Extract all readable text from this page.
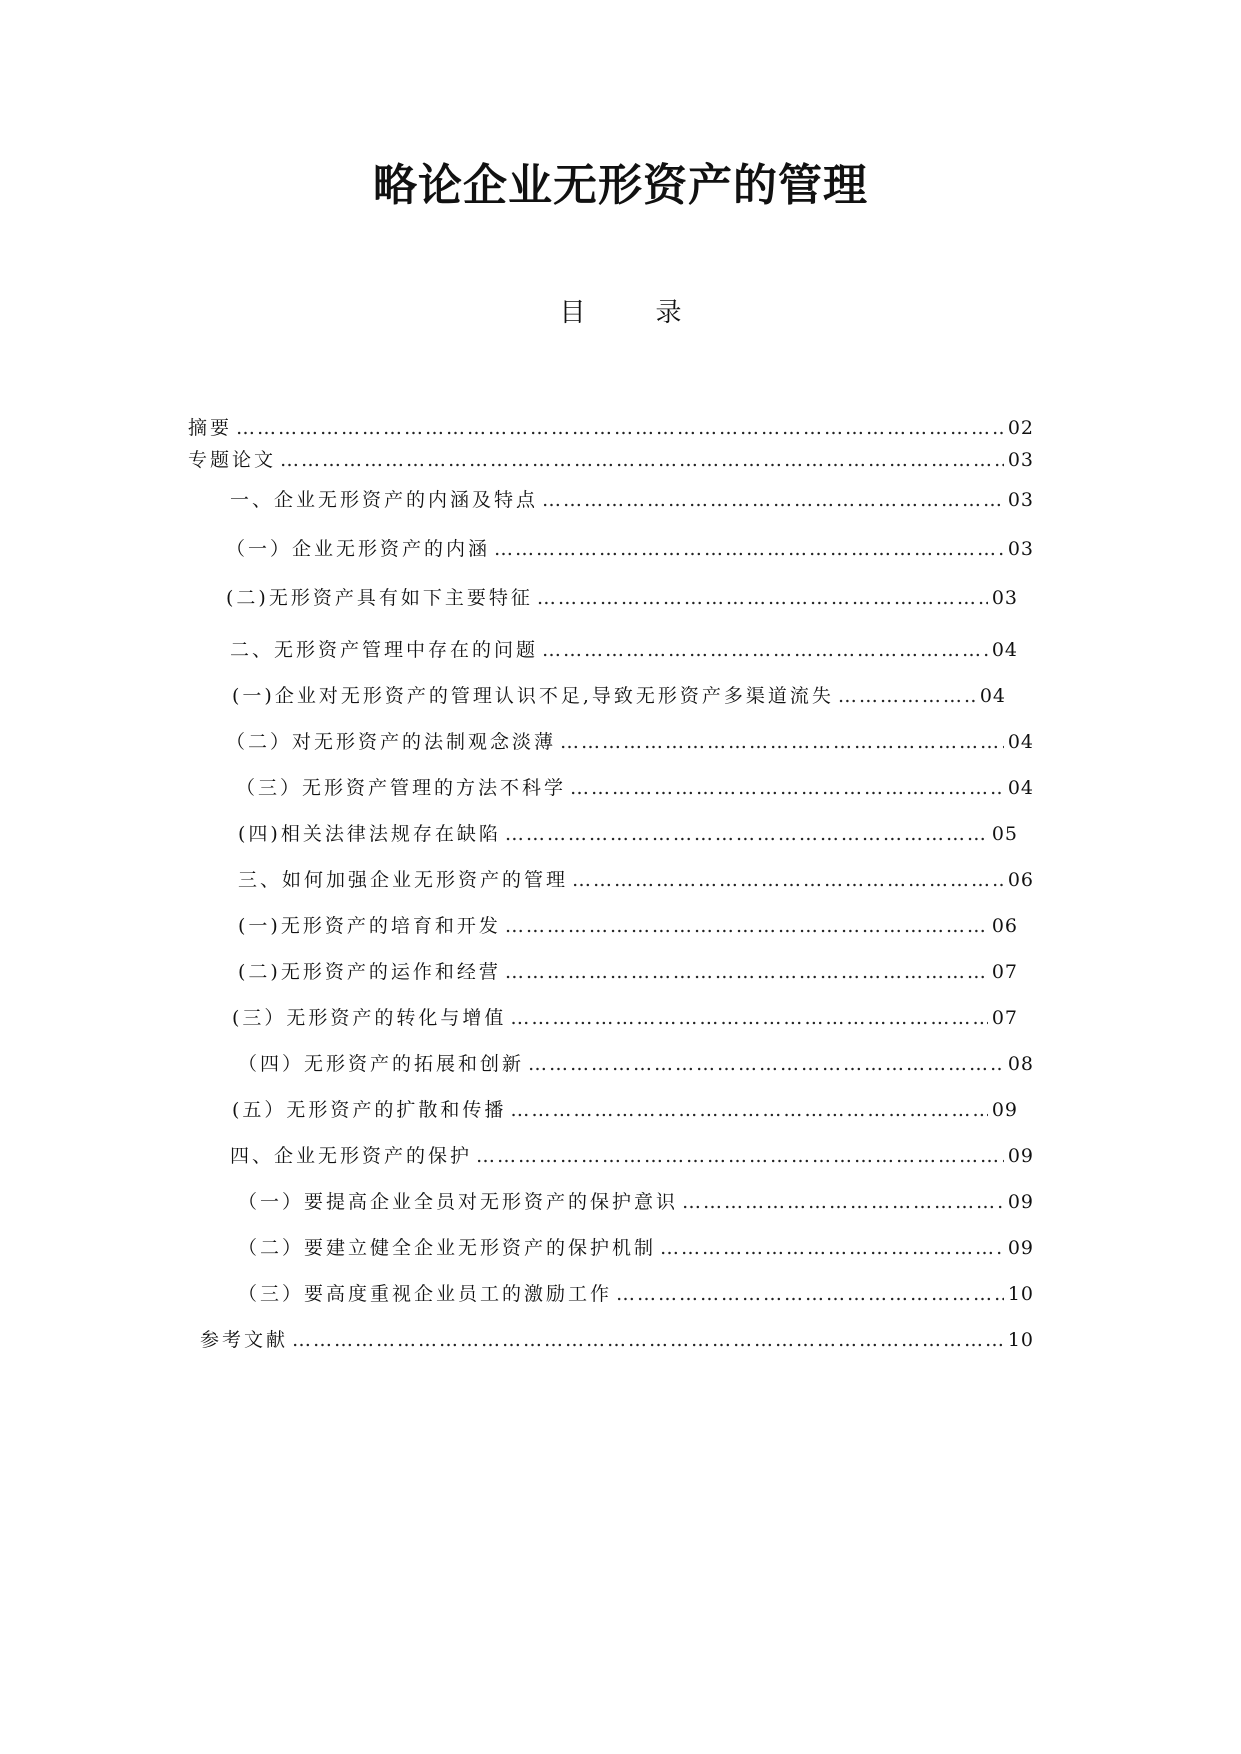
略论企业无形资产的管理
目录
摘要 ………………………………………………………………………………………………………………………………………………………………………………	02
专题论文 ………………………………………………………………………………………………………………………………………………………………………………	03
一、企业无形资产的内涵及特点 ………………………………………………………………………………………………………………………………………………………………………………	03
（一）企业无形资产的内涵 ………………………………………………………………………………………………………………………………………………………………………………	03
(二)无形资产具有如下主要特征 ………………………………………………………………………………………………………………………………………………………………………………	03
二、无形资产管理中存在的问题 ………………………………………………………………………………………………………………………………………………………………………………	04
(一)企业对无形资产的管理认识不足,导致无形资产多渠道流失 ………………………………………………………………………………………………………………………………………………………………………………	04
（二）对无形资产的法制观念淡薄 ………………………………………………………………………………………………………………………………………………………………………………	04
（三）无形资产管理的方法不科学 ………………………………………………………………………………………………………………………………………………………………………………	04
(四)相关法律法规存在缺陷 ………………………………………………………………………………………………………………………………………………………………………………	05
三、如何加强企业无形资产的管理 ………………………………………………………………………………………………………………………………………………………………………………	06
(一)无形资产的培育和开发 ………………………………………………………………………………………………………………………………………………………………………………	06
(二)无形资产的运作和经营 ………………………………………………………………………………………………………………………………………………………………………………	07
(三）无形资产的转化与增值 ………………………………………………………………………………………………………………………………………………………………………………	07
（四）无形资产的拓展和创新 ………………………………………………………………………………………………………………………………………………………………………………	08
(五）无形资产的扩散和传播 ………………………………………………………………………………………………………………………………………………………………………………	09
四、企业无形资产的保护 ………………………………………………………………………………………………………………………………………………………………………………	09
（一）要提高企业全员对无形资产的保护意识 ………………………………………………………………………………………………………………………………………………………………………………	09
（二）要建立健全企业无形资产的保护机制 ………………………………………………………………………………………………………………………………………………………………………………	09
（三）要高度重视企业员工的激励工作 ………………………………………………………………………………………………………………………………………………………………………………	10
参考文献 ………………………………………………………………………………………………………………………………………………………………………………	10
